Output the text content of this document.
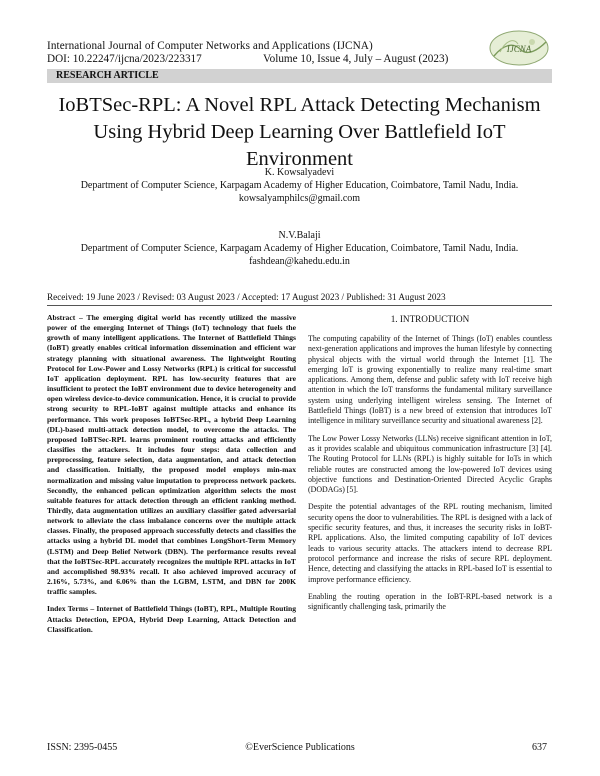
International Journal of Computer Networks and Applications (IJCNA)
DOI: 10.22247/ijcna/2023/223317	Volume 10, Issue 4, July – August (2023)
IJCNA
RESEARCH ARTICLE
IoBTSec-RPL: A Novel RPL Attack Detecting Mechanism Using Hybrid Deep Learning Over Battlefield IoT Environment
K. Kowsalyadevi
Department of Computer Science, Karpagam Academy of Higher Education, Coimbatore, Tamil Nadu, India.
kowsalyamphilcs@gmail.com
N.V.Balaji
Department of Computer Science, Karpagam Academy of Higher Education, Coimbatore, Tamil Nadu, India.
fashdean@kahedu.edu.in
Received: 19 June 2023 / Revised: 03 August 2023 / Accepted: 17 August 2023 / Published: 31 August 2023

Abstract – The emerging digital world has recently utilized the massive power of the emerging Internet of Things (IoT) technology that fuels the growth of many intelligent applications. The Internet of Battlefield Things (IoBT) greatly enables critical information dissemination and efficient war strategy planning with situational awareness. The lightweight Routing Protocol for Low-Power and Lossy Networks (RPL) is critical for successful IoT application deployment. RPL has low-security features that are insufficient to protect the IoBT environment due to device heterogeneity and open wireless device-to-device communication. Hence, it is crucial to provide strong security to RPL-IoBT against multiple attacks and enhance its performance. This work proposes IoBTSec-RPL, a hybrid Deep Learning (DL)-based multi-attack detection model, to overcome the attacks. The proposed IoBTSec-RPL learns prominent routing attacks and efficiently classifies the attackers. It includes four steps: data collection and preprocessing, feature selection, data augmentation, and attack detection and classification. Initially, the proposed model employs min-max normalization and missing value imputation to preprocess network packets. Secondly, the enhanced pelican optimization algorithm selects the most suitable features for attack detection through an efficient ranking method. Thirdly, data augmentation utilizes an auxiliary classifier gated adversarial network to alleviate the class imbalance concerns over the multiple attack classes. Finally, the proposed approach successfully detects and classifies the attacks using a hybrid DL model that combines LongShort-Term Memory (LSTM) and Deep Belief Network (DBN). The performance results reveal that the IoBTSec-RPL accurately recognizes the multiple RPL attacks in IoT and accomplished 98.93% recall. It also achieved improved accuracy of 2.16%, 5.73%, and 6.06% than the LGBM, LSTM, and DBN for 200K traffic samples.

Index Terms – Internet of Battlefield Things (IoBT), RPL, Multiple Routing Attacks Detection, EPOA, Hybrid Deep Learning, Attack Detection and Classification.

1. INTRODUCTION

The computing capability of the Internet of Things (IoT) enables countless next-generation applications and improves the human lifestyle by connecting physical objects with the virtual world through the Internet [1]. The emerging IoT is growing exponentially to realize many real-time smart applications. Among them, defense and public safety with IoT receive high attention in which the IoT transforms the fundamental military surveillance system using underlying intelligent wireless sensing. The Internet of Battlefield Things (IoBT) is a new breed of extension that introduces IoT intelligence in military surveillance security and situational awareness [2].

The Low Power Lossy Networks (LLNs) receive significant attention in IoT, as it provides scalable and ubiquitous communication infrastructure [3] [4]. The Routing Protocol for LLNs (RPL) is highly suitable for IoTs in which reliable routes are constructed among the low-powered IoT devices using objective functions and Destination-Oriented Directed Acyclic Graphs (DODAGs) [5].

Despite the potential advantages of the RPL routing mechanism, limited security opens the door to vulnerabilities. The RPL is designed with a lack of specific security features, and thus, it increases the security risks in IoBT-RPL applications. Also, the limited computing capability of IoT devices leads to various security attacks. The attackers intend to decrease RPL protocol performance and increase the risks of secure RPL deployment. Hence, detecting and classifying the attacks in RPL-based IoT is essential to improve performance efficiency.

Enabling the routing operation in the IoBT-RPL-based network is a significantly challenging task, primarily the

ISSN: 2395-0455	©EverScience Publications	637
